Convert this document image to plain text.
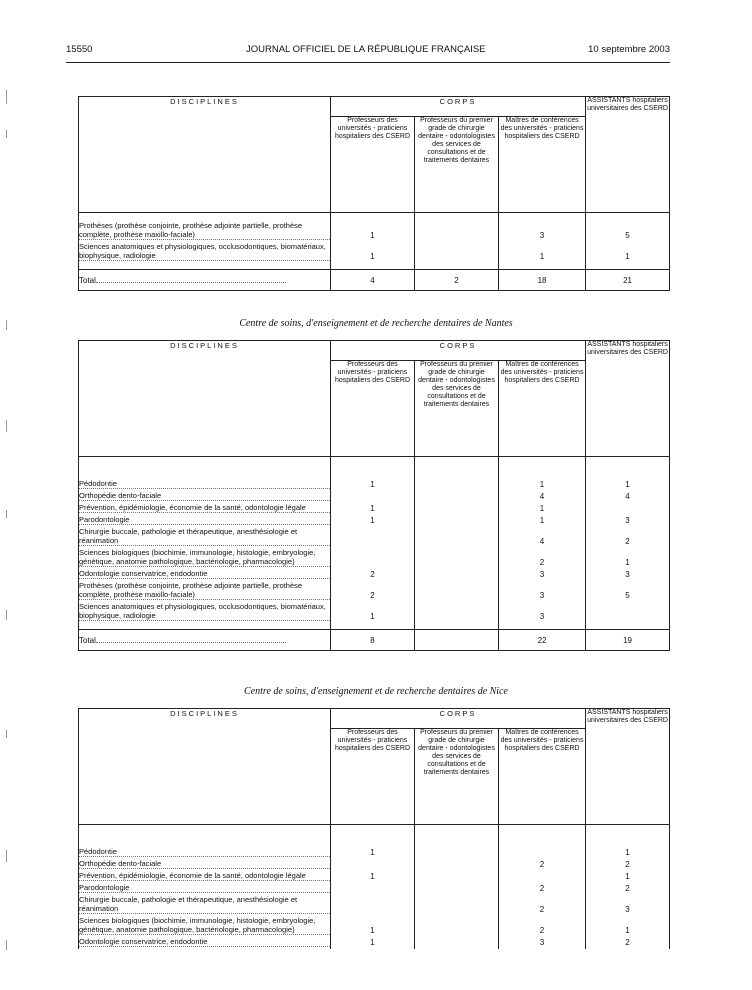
15550	JOURNAL OFFICIEL DE LA RÉPUBLIQUE FRANÇAISE	10 septembre 2003
DISCIPLINES	CORPS			ASSISTANTS hospitaliers universitaires des CSERD
	Professeurs des universités - praticiens hospitaliers des CSERD	Professeurs du premier grade de chirurgie dentaire - odontologistes des services de consultations et de traitements dentaires	Maîtres de conférences des universités - praticiens hospitaliers des CSERD	

Prothèses (prothèse conjointe, prothèse adjointe partielle, prothèse complète, prothèse maxillo-faciale)	1		3	5

Sciences anatomiques et physiologiques, occlusodontiques, biomatériaux, biophysique, radiologie	1		1	1

Total	4	2	18	21
Centre de soins, d'enseignement et de recherche dentaires de Nantes
DISCIPLINES	CORPS			ASSISTANTS hospitaliers universitaires des CSERD
	Professeurs des universités - praticiens hospitaliers des CSERD	Professeurs du premier grade de chirurgie dentaire - odontologistes des services de consultations et de traitements dentaires	Maîtres de conférences des universités - praticiens hospitaliers des CSERD	

Pédodontie	1		1	1

Orthopédie dento-faciale			4	4

Prévention, épidémiologie, économie de la santé, odontologie légale	1		1	

Parodontologie	1		1	3

Chirurgie buccale, pathologie et thérapeutique, anesthésiologie et réanimation			4	2

Sciences biologiques (biochimie, immunologie, histologie, embryologie, génétique, anatomie pathologique, bactériologie, pharmacologie)			2	1

Odontologie conservatrice, endodontie	2		3	3

Prothèses (prothèse conjointe, prothèse adjointe partielle, prothèse complète, prothèse maxillo-faciale)	2		3	5

Sciences anatomiques et physiologiques, occlusodontiques, biomatériaux, biophysique, radiologie	1		3	

Total	8		22	19
Centre de soins, d'enseignement et de recherche dentaires de Nice
DISCIPLINES	CORPS			ASSISTANTS hospitaliers universitaires des CSERD
	Professeurs des universités - praticiens hospitaliers des CSERD	Professeurs du premier grade de chirurgie dentaire - odontologistes des services de consultations et de traitements dentaires	Maîtres de conférences des universités - praticiens hospitaliers des CSERD	

Pédodontie	1			1

Orthopédie dento-faciale			2	2

Prévention, épidémiologie, économie de la santé, odontologie légale	1			1

Parodontologie			2	2

Chirurgie buccale, pathologie et thérapeutique, anesthésiologie et réanimation			2	3

Sciences biologiques (biochimie, immunologie, histologie, embryologie, génétique, anatomie pathologique, bactériologie, pharmacologie)	1		2	1

Odontologie conservatrice, endodontie	1		3	2
